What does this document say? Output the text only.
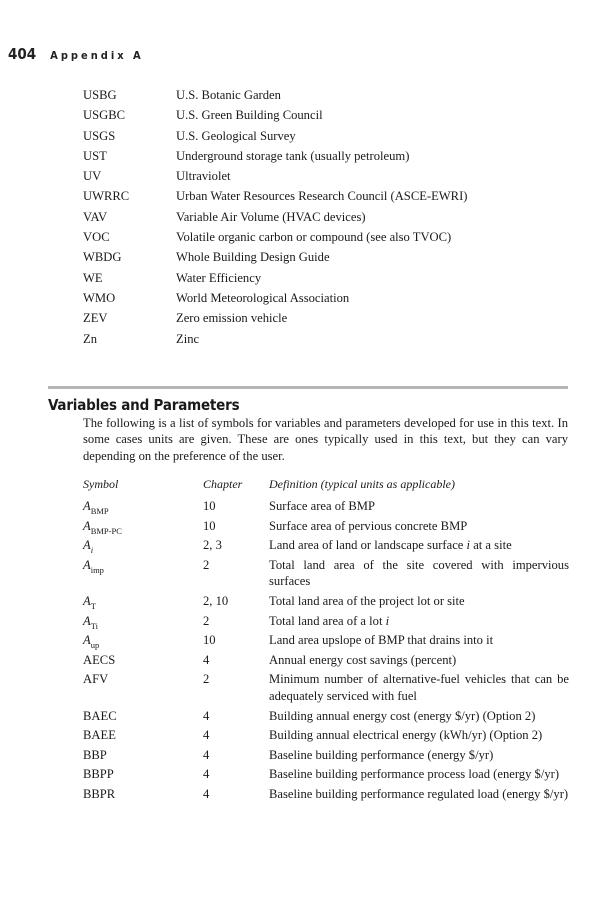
404 Appendix A
USBG	U.S. Botanic Garden
USGBC	U.S. Green Building Council
USGS	U.S. Geological Survey
UST	Underground storage tank (usually petroleum)
UV	Ultraviolet
UWRRC	Urban Water Resources Research Council (ASCE-EWRI)
VAV	Variable Air Volume (HVAC devices)
VOC	Volatile organic carbon or compound (see also TVOC)
WBDG	Whole Building Design Guide
WE	Water Efficiency
WMO	World Meteorological Association
ZEV	Zero emission vehicle
Zn	Zinc
Variables and Parameters
The following is a list of symbols for variables and parameters developed for use in this text. In some cases units are given. These are ones typically used in this text, but they can vary depending on the preference of the user.
Symbol	Chapter	Definition (typical units as applicable)
$A_{BMP}$	10	Surface area of BMP
$A_{BMP-PC}$	10	Surface area of pervious concrete BMP
$A_i$	2, 3	Land area of land or landscape surface i at a site
$A_{imp}$	2	Total land area of the site covered with impervious surfaces
$A_T$	2, 10	Total land area of the project lot or site
$A_{Ti}$	2	Total land area of a lot i
$A_{up}$	10	Land area upslope of BMP that drains into it
AECS	4	Annual energy cost savings (percent)
AFV	2	Minimum number of alternative-fuel vehicles that can be adequately serviced with fuel
BAEC	4	Building annual energy cost (energy $/yr) (Option 2)
BAEE	4	Building annual electrical energy (kWh/yr) (Option 2)
BBP	4	Baseline building performance (energy $/yr)
BBPP	4	Baseline building performance process load (energy $/yr)
BBPR	4	Baseline building performance regulated load (energy $/yr)
